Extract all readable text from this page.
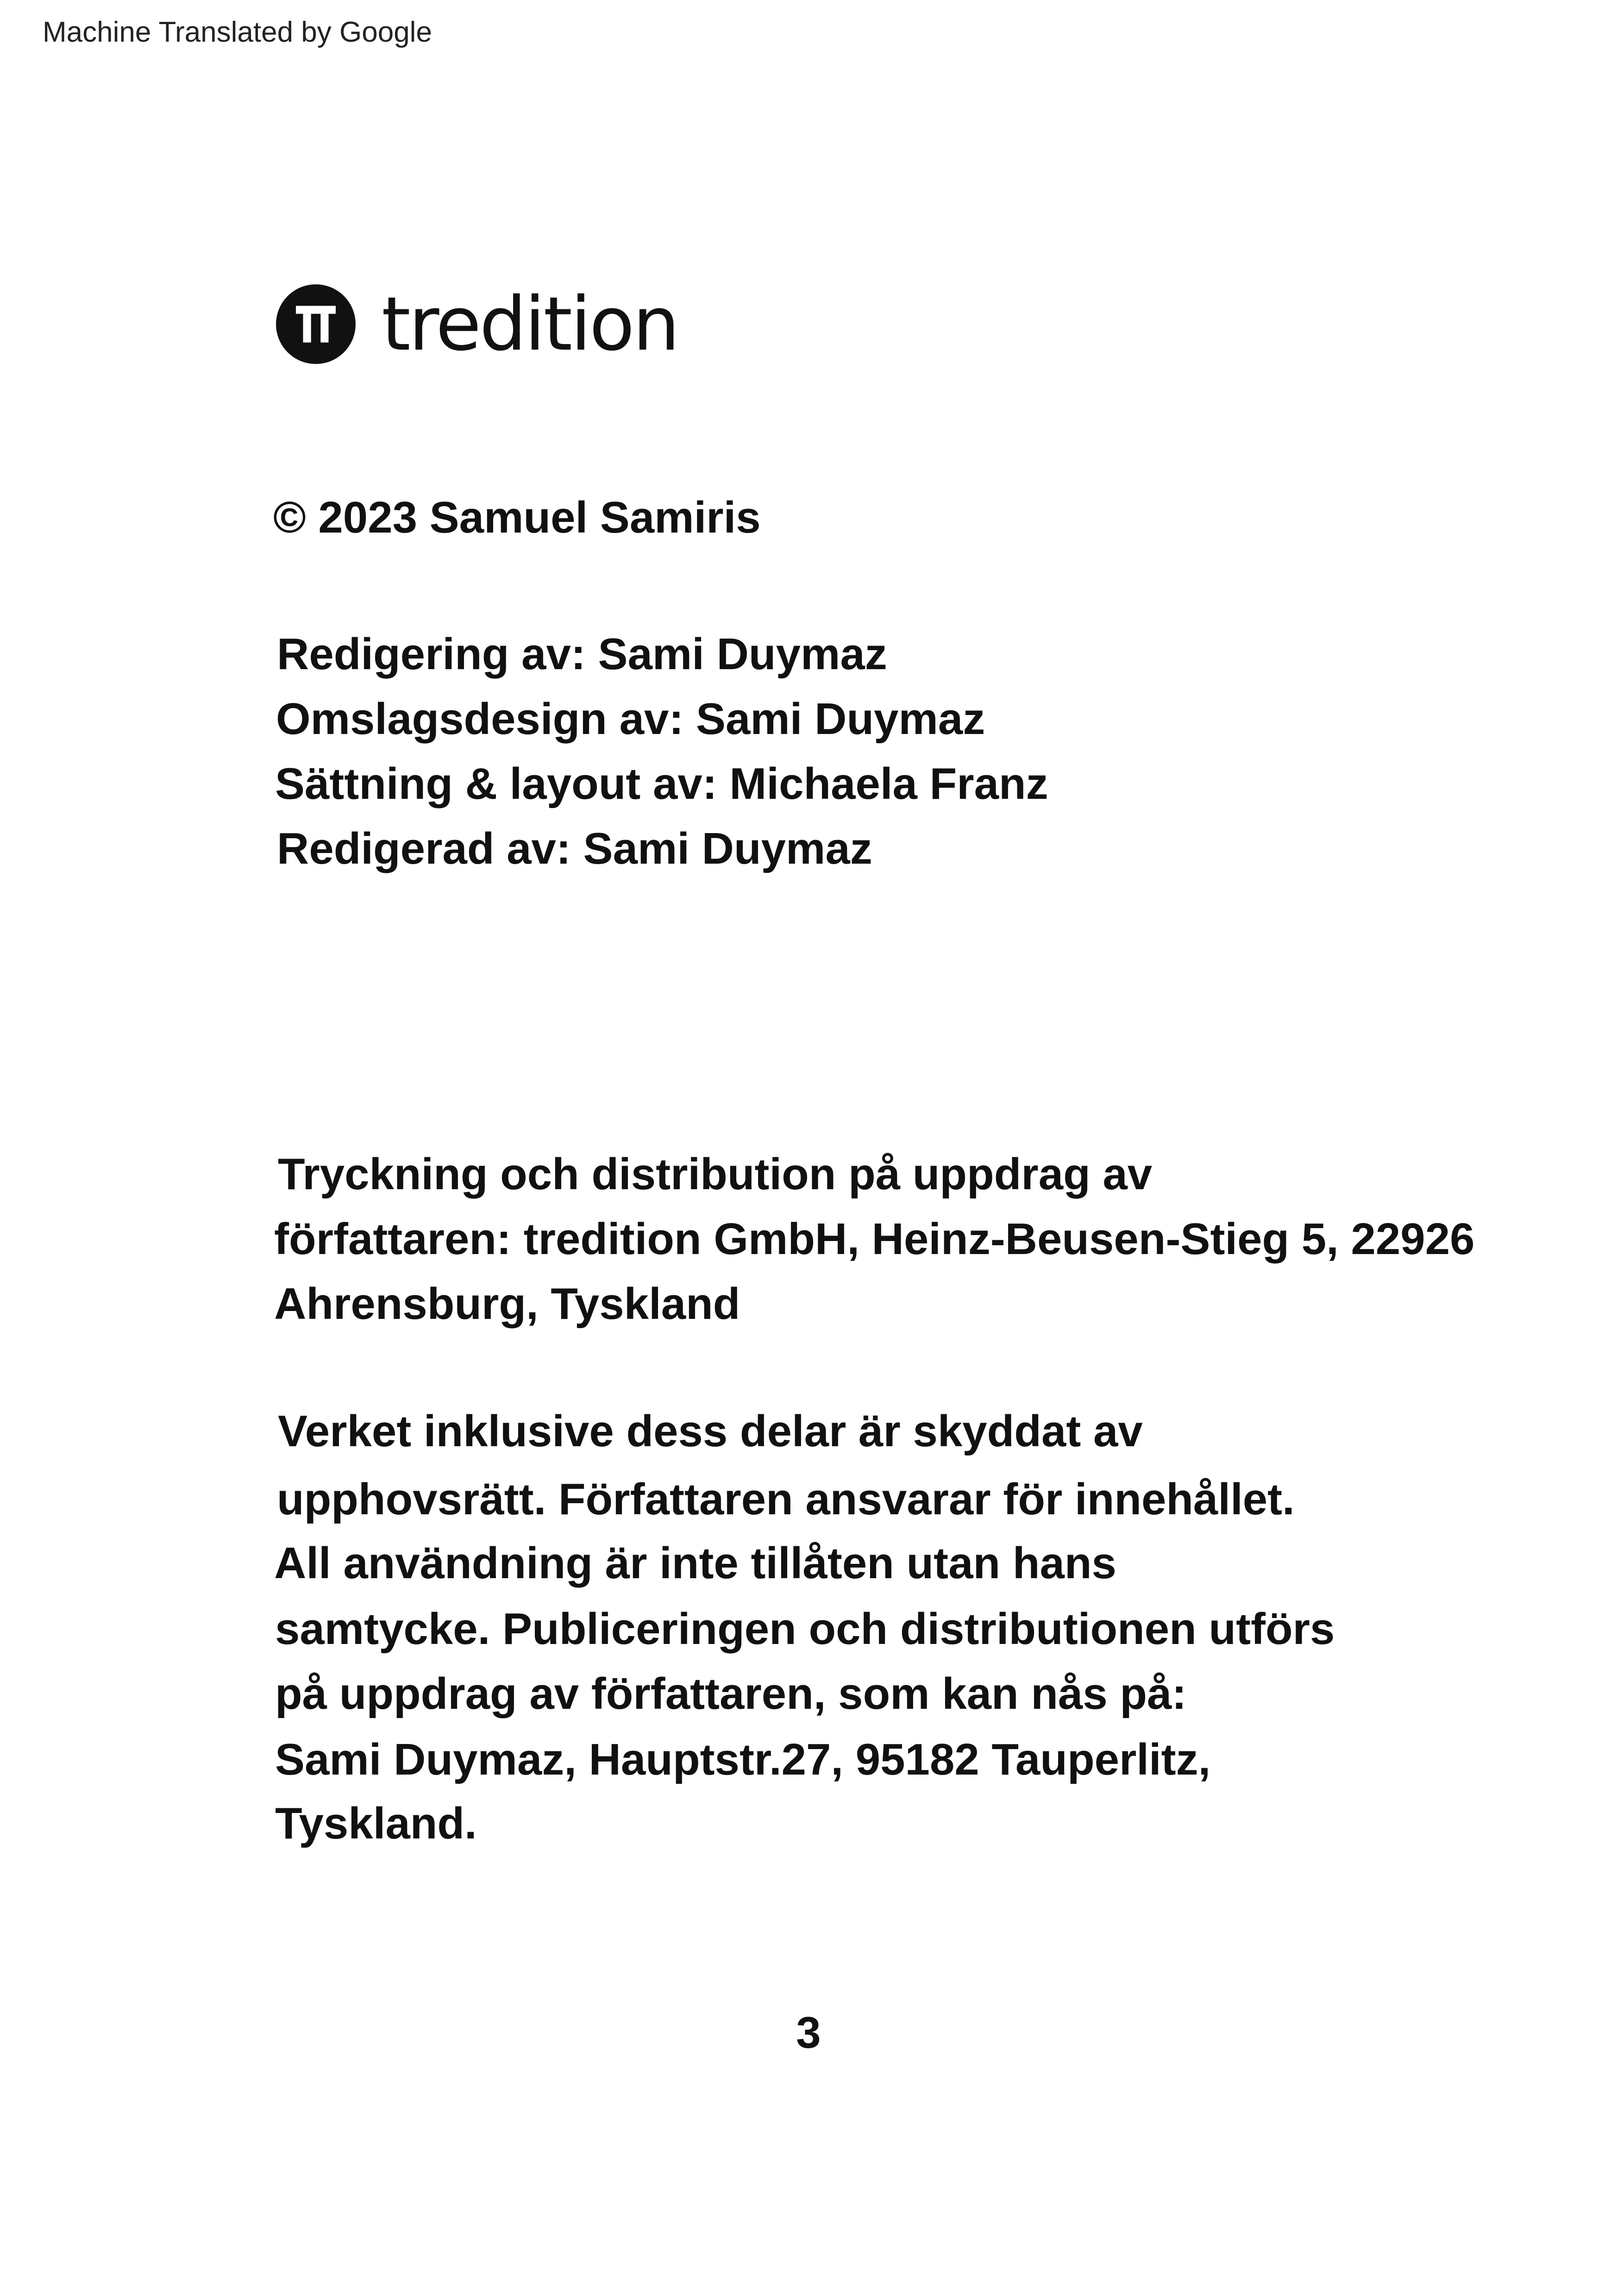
Machine Translated by Google
tredition
© 2023 Samuel Samiris
Redigering av: Sami Duymaz
Omslagsdesign av: Sami Duymaz
Sättning & layout av: Michaela Franz
Redigerad av: Sami Duymaz
Tryckning och distribution på uppdrag av
författaren: tredition GmbH, Heinz-Beusen-Stieg 5, 22926
Ahrensburg, Tyskland
Verket inklusive dess delar är skyddat av
upphovsrätt. Författaren ansvarar för innehållet.
All användning är inte tillåten utan hans
samtycke. Publiceringen och distributionen utförs
på uppdrag av författaren, som kan nås på:
Sami Duymaz, Hauptstr.27, 95182 Tauperlitz,
Tyskland.
3
